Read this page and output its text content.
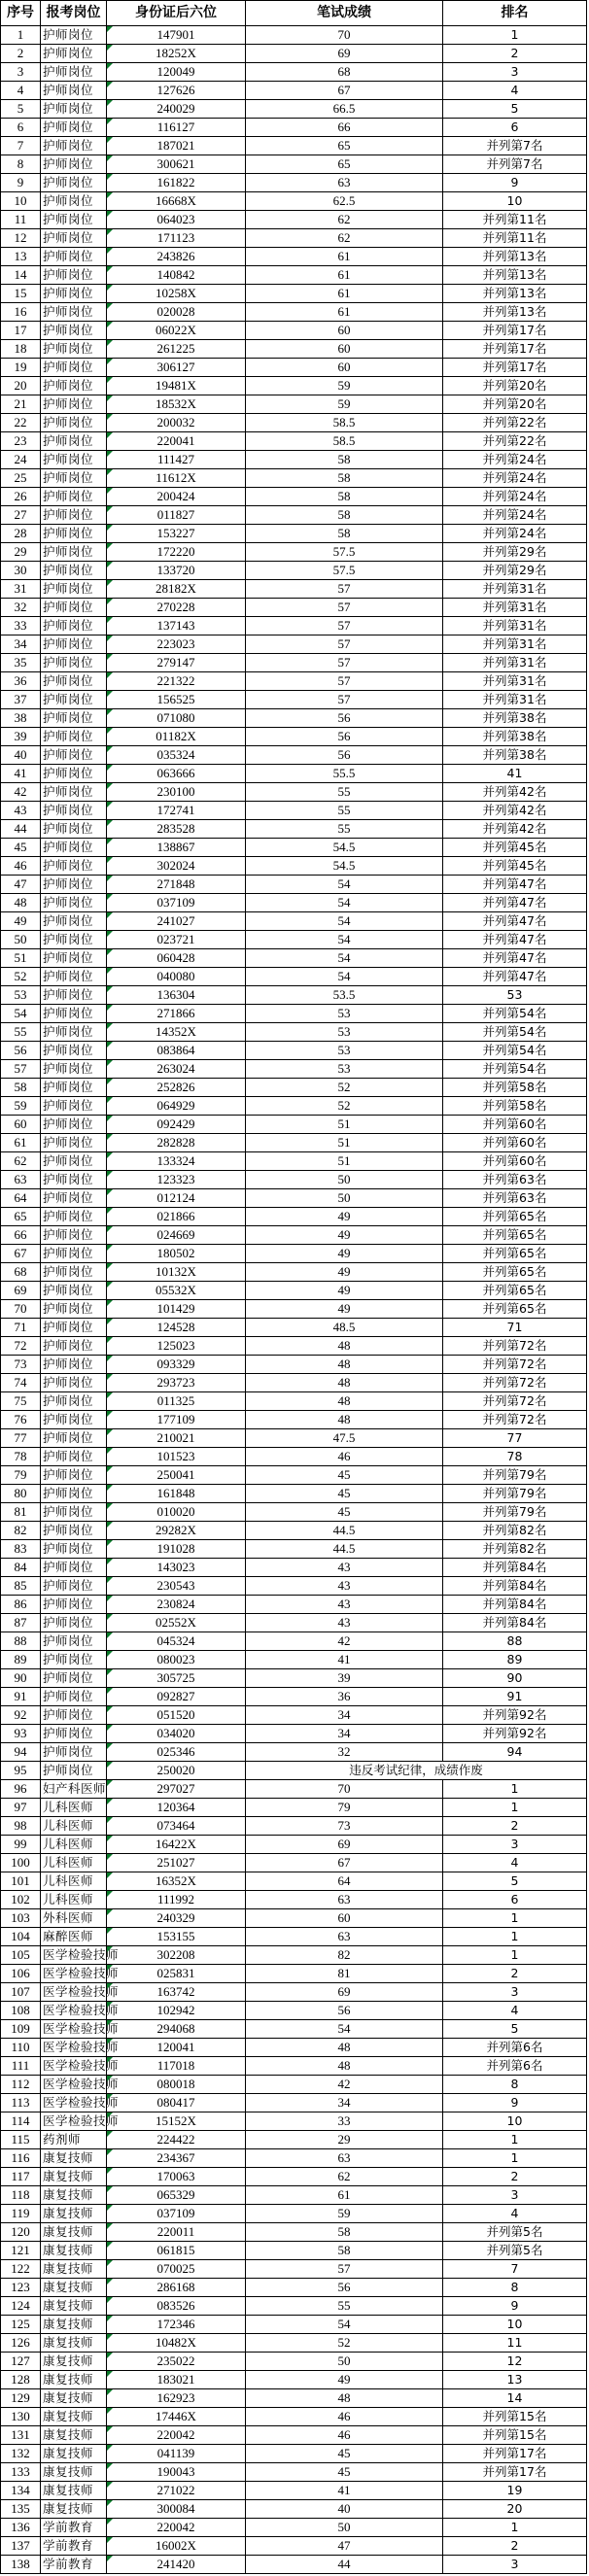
序号	报考岗位	身份证后六位	笔试成绩	排名
1	护师岗位	147901	70	1
2	护师岗位	18252X	69	2
3	护师岗位	120049	68	3
4	护师岗位	127626	67	4
5	护师岗位	240029	66.5	5
6	护师岗位	116127	66	6
7	护师岗位	187021	65	并列第7名
8	护师岗位	300621	65	并列第7名
9	护师岗位	161822	63	9
10	护师岗位	16668X	62.5	10
11	护师岗位	064023	62	并列第11名
12	护师岗位	171123	62	并列第11名
13	护师岗位	243826	61	并列第13名
14	护师岗位	140842	61	并列第13名
15	护师岗位	10258X	61	并列第13名
16	护师岗位	020028	61	并列第13名
17	护师岗位	06022X	60	并列第17名
18	护师岗位	261225	60	并列第17名
19	护师岗位	306127	60	并列第17名
20	护师岗位	19481X	59	并列第20名
21	护师岗位	18532X	59	并列第20名
22	护师岗位	200032	58.5	并列第22名
23	护师岗位	220041	58.5	并列第22名
24	护师岗位	111427	58	并列第24名
25	护师岗位	11612X	58	并列第24名
26	护师岗位	200424	58	并列第24名
27	护师岗位	011827	58	并列第24名
28	护师岗位	153227	58	并列第24名
29	护师岗位	172220	57.5	并列第29名
30	护师岗位	133720	57.5	并列第29名
31	护师岗位	28182X	57	并列第31名
32	护师岗位	270228	57	并列第31名
33	护师岗位	137143	57	并列第31名
34	护师岗位	223023	57	并列第31名
35	护师岗位	279147	57	并列第31名
36	护师岗位	221322	57	并列第31名
37	护师岗位	156525	57	并列第31名
38	护师岗位	071080	56	并列第38名
39	护师岗位	01182X	56	并列第38名
40	护师岗位	035324	56	并列第38名
41	护师岗位	063666	55.5	41
42	护师岗位	230100	55	并列第42名
43	护师岗位	172741	55	并列第42名
44	护师岗位	283528	55	并列第42名
45	护师岗位	138867	54.5	并列第45名
46	护师岗位	302024	54.5	并列第45名
47	护师岗位	271848	54	并列第47名
48	护师岗位	037109	54	并列第47名
49	护师岗位	241027	54	并列第47名
50	护师岗位	023721	54	并列第47名
51	护师岗位	060428	54	并列第47名
52	护师岗位	040080	54	并列第47名
53	护师岗位	136304	53.5	53
54	护师岗位	271866	53	并列第54名
55	护师岗位	14352X	53	并列第54名
56	护师岗位	083864	53	并列第54名
57	护师岗位	263024	53	并列第54名
58	护师岗位	252826	52	并列第58名
59	护师岗位	064929	52	并列第58名
60	护师岗位	092429	51	并列第60名
61	护师岗位	282828	51	并列第60名
62	护师岗位	133324	51	并列第60名
63	护师岗位	123323	50	并列第63名
64	护师岗位	012124	50	并列第63名
65	护师岗位	021866	49	并列第65名
66	护师岗位	024669	49	并列第65名
67	护师岗位	180502	49	并列第65名
68	护师岗位	10132X	49	并列第65名
69	护师岗位	05532X	49	并列第65名
70	护师岗位	101429	49	并列第65名
71	护师岗位	124528	48.5	71
72	护师岗位	125023	48	并列第72名
73	护师岗位	093329	48	并列第72名
74	护师岗位	293723	48	并列第72名
75	护师岗位	011325	48	并列第72名
76	护师岗位	177109	48	并列第72名
77	护师岗位	210021	47.5	77
78	护师岗位	101523	46	78
79	护师岗位	250041	45	并列第79名
80	护师岗位	161848	45	并列第79名
81	护师岗位	010020	45	并列第79名
82	护师岗位	29282X	44.5	并列第82名
83	护师岗位	191028	44.5	并列第82名
84	护师岗位	143023	43	并列第84名
85	护师岗位	230543	43	并列第84名
86	护师岗位	230824	43	并列第84名
87	护师岗位	02552X	43	并列第84名
88	护师岗位	045324	42	88
89	护师岗位	080023	41	89
90	护师岗位	305725	39	90
91	护师岗位	092827	36	91
92	护师岗位	051520	34	并列第92名
93	护师岗位	034020	34	并列第92名
94	护师岗位	025346	32	94
95	护师岗位	250020	违反考试纪律，成绩作废	
96	妇产科医师	297027	70	1
97	儿科医师	120364	79	1
98	儿科医师	073464	73	2
99	儿科医师	16422X	69	3
100	儿科医师	251027	67	4
101	儿科医师	16352X	64	5
102	儿科医师	111992	63	6
103	外科医师	240329	60	1
104	麻醉医师	153155	63	1
105	医学检验技师	302208	82	1
106	医学检验技师	025831	81	2
107	医学检验技师	163742	69	3
108	医学检验技师	102942	56	4
109	医学检验技师	294068	54	5
110	医学检验技师	120041	48	并列第6名
111	医学检验技师	117018	48	并列第6名
112	医学检验技师	080018	42	8
113	医学检验技师	080417	34	9
114	医学检验技师	15152X	33	10
115	药剂师	224422	29	1
116	康复技师	234367	63	1
117	康复技师	170063	62	2
118	康复技师	065329	61	3
119	康复技师	037109	59	4
120	康复技师	220011	58	并列第5名
121	康复技师	061815	58	并列第5名
122	康复技师	070025	57	7
123	康复技师	286168	56	8
124	康复技师	083526	55	9
125	康复技师	172346	54	10
126	康复技师	10482X	52	11
127	康复技师	235022	50	12
128	康复技师	183021	49	13
129	康复技师	162923	48	14
130	康复技师	17446X	46	并列第15名
131	康复技师	220042	46	并列第15名
132	康复技师	041139	45	并列第17名
133	康复技师	190043	45	并列第17名
134	康复技师	271022	41	19
135	康复技师	300084	40	20
136	学前教育	220042	50	1
137	学前教育	16002X	47	2
138	学前教育	241420	44	3
